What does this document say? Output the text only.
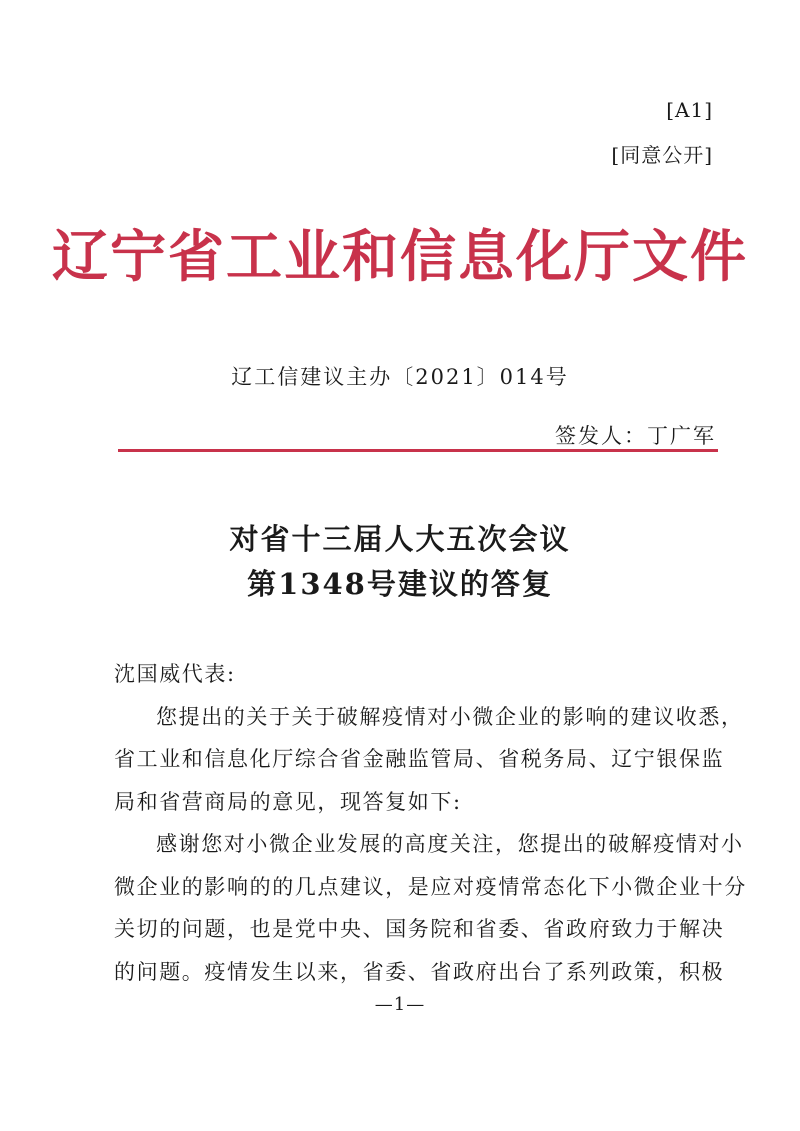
[A1]
[同意公开]
辽宁省工业和信息化厅文件
辽工信建议主办〔2021〕014号
签发人：丁广军
对省十三届人大五次会议
第1348号建议的答复

沈国威代表:

您提出的关于关于破解疫情对小微企业的影响的建议收悉，

省工业和信息化厅综合省金融监管局、省税务局、辽宁银保监

局和省营商局的意见，现答复如下:

感谢您对小微企业发展的高度关注，您提出的破解疫情对小

微企业的影响的的几点建议，是应对疫情常态化下小微企业十分

关切的问题，也是党中央、国务院和省委、省政府致力于解决

的问题。疫情发生以来，省委、省政府出台了系列政策，积极

—1—
